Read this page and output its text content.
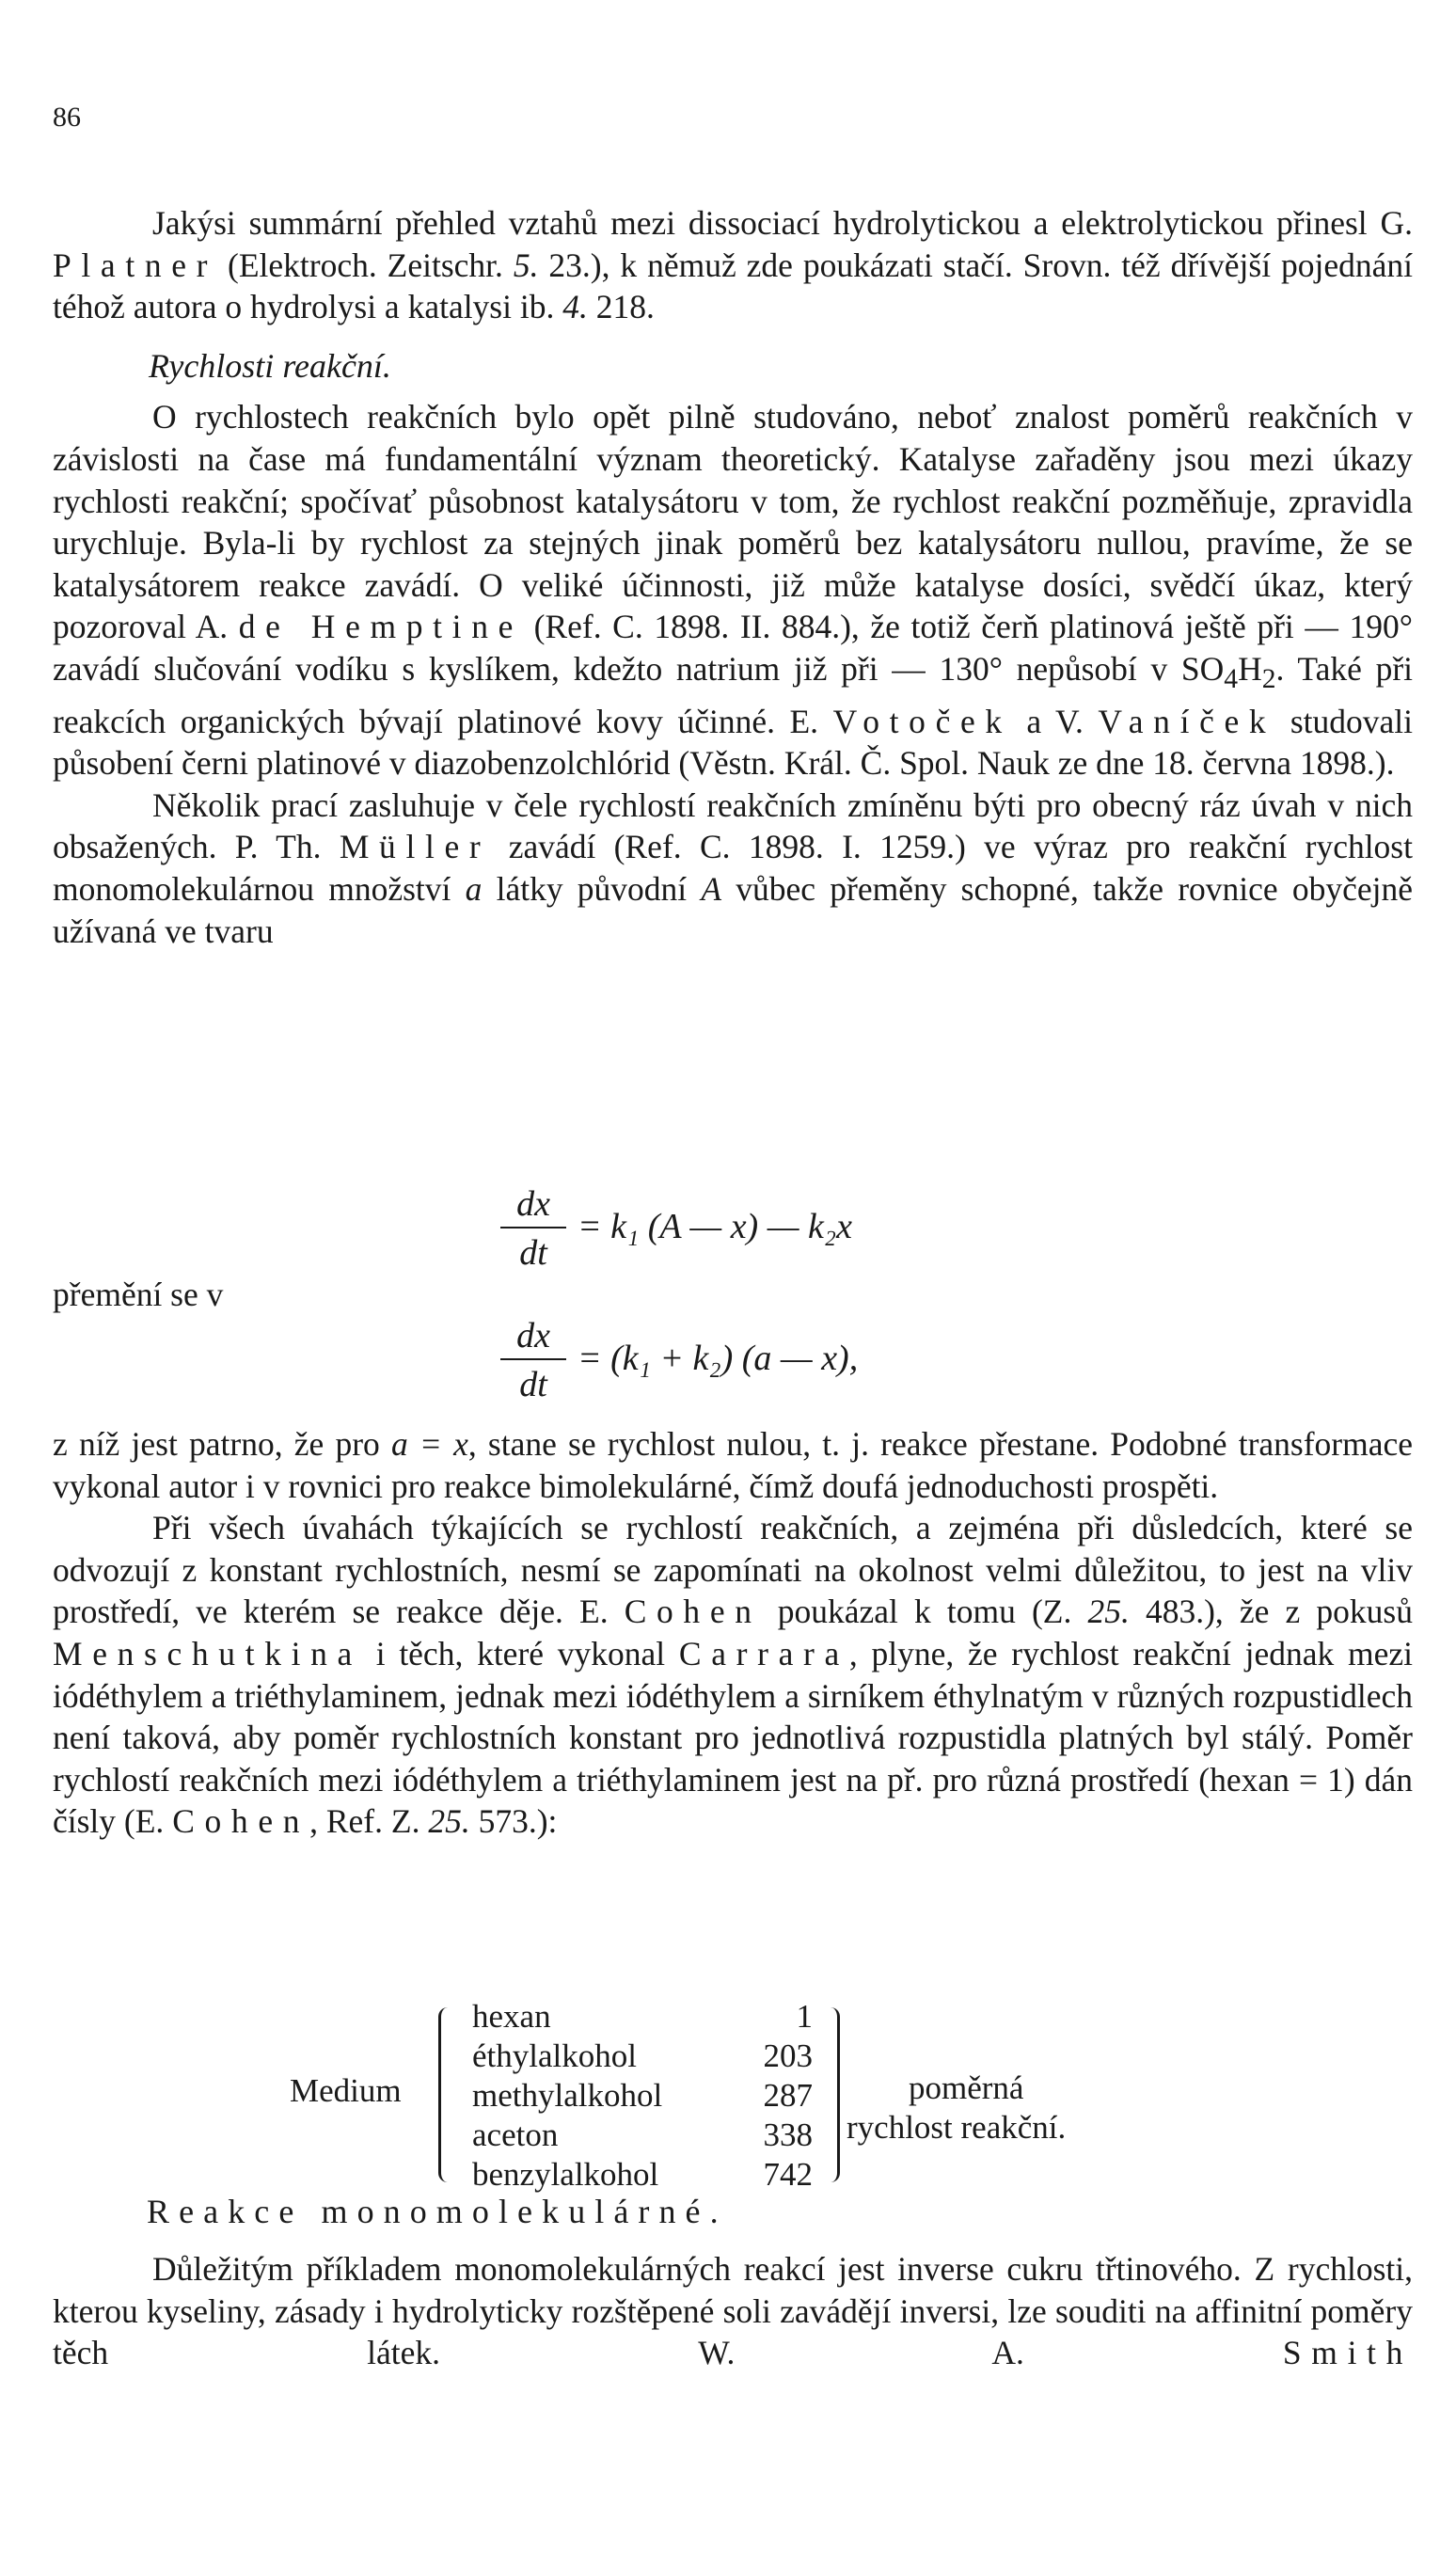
86

Jakýsi summární přehled vztahů mezi dissociací hydrolytickou a elektrolytickou přinesl G. Platner (Elektroch. Zeitschr. 5. 23.), k němuž zde poukázati stačí. Srovn. též dřívější pojednání téhož autora o hydrolysi a katalysi ib. 4. 218.

Rychlosti reakční.

O rychlostech reakčních bylo opět pilně studováno, neboť znalost poměrů reakčních v závislosti na čase má fundamentální význam theoretický. Katalyse zařaděny jsou mezi úkazy rychlosti reakční; spočívať působnost katalysátoru v tom, že rychlost reakční pozměňuje, zpravidla urychluje. Byla-li by rychlost za stejných jinak poměrů bez katalysátoru nullou, pravíme, že se katalysátorem reakce zavádí. O veliké účinnosti, již může katalyse dosíci, svědčí úkaz, který pozoroval A. de Hemptine (Ref. C. 1898. II. 884.), že totiž čerň platinová ještě při — 190° zavádí slučování vodíku s kyslíkem, kdežto natrium již při — 130° nepůsobí v $SO_4H_2$. Také při reakcích organických bývají platinové kovy účinné. E. Votoček a V. Vaníček studovali působení černi platinové v diazobenzolchlórid (Věstn. Král. Č. Spol. Nauk ze dne 18. června 1898.).

Několik prací zasluhuje v čele rychlostí reakčních zmíněnu býti pro obecný ráz úvah v nich obsažených. P. Th. Müller zavádí (Ref. C. 1898. I. 1259.) ve výraz pro reakční rychlost monomolekulárnou množství a látky původní A vůbec přeměny schopné, takže rovnice obyčejně užívaná ve tvaru

dx
dt
= k₁ (A — x) — k₂x
přemění se v
dx
dt
= (k₁ + k₂) (a — x),

z níž jest patrno, že pro a = x, stane se rychlost nulou, t. j. reakce přestane. Podobné transformace vykonal autor i v rovnici pro reakce bimolekulárné, čímž doufá jednoduchosti prospěti.

Při všech úvahách týkajících se rychlostí reakčních, a zejména při důsledcích, které se odvozují z konstant rychlostních, nesmí se zapomínati na okolnost velmi důležitou, to jest na vliv prostředí, ve kterém se reakce děje. E. Cohen poukázal k tomu (Z. 25. 483.), že z pokusů Menschutkina i těch, které vykonal Carrara, plyne, že rychlost reakční jednak mezi iódéthylem a triéthylaminem, jednak mezi iódéthylem a sirníkem éthylnatým v různých rozpustidlech není taková, aby poměr rychlostních konstant pro jednotlivá rozpustidla platných byl stálý. Poměr rychlostí reakčních mezi iódéthylem a triéthylaminem jest na př. pro různá prostředí (hexan = 1) dán čísly (E. Cohen, Ref. Z. 25. 573.):

Medium
hexan	1
éthylalkohol	203
methylalkohol	287
aceton	338
benzylalkohol	742
poměrná
rychlost reakční.
Reakce monomolekulárné.

Důležitým příkladem monomolekulárných reakcí jest inverse cukru třtinového. Z rychlosti, kterou kyseliny, zásady i hydrolyticky rozštěpené soli zavádějí inversi, lze souditi na affinitní poměry těch látek. W. A. Smith
